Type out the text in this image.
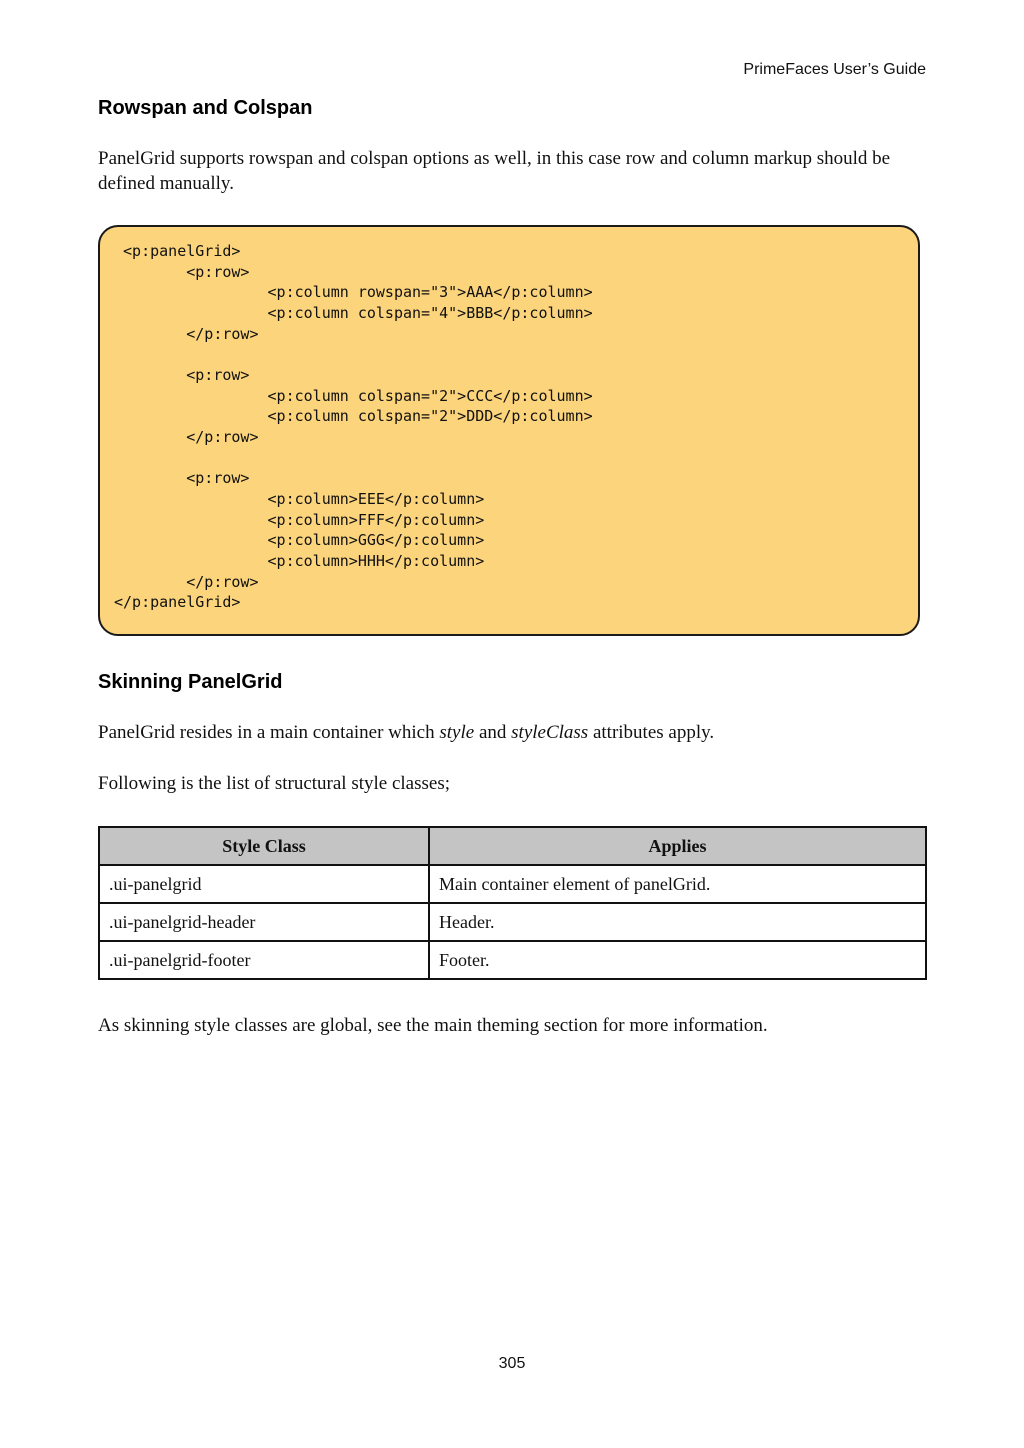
PrimeFaces User’s Guide
Rowspan and Colspan

PanelGrid supports rowspan and colspan options as well, in this case row and column markup should be defined manually.

<p:panelGrid>
<p:row>
<p:column rowspan="3">AAA</p:column>
<p:column colspan="4">BBB</p:column>
</p:row>

<p:row>
<p:column colspan="2">CCC</p:column>
<p:column colspan="2">DDD</p:column>
</p:row>

<p:row>
<p:column>EEE</p:column>
<p:column>FFF</p:column>
<p:column>GGG</p:column>
<p:column>HHH</p:column>
</p:row>
</p:panelGrid>
Skinning PanelGrid

PanelGrid resides in a main container which style and styleClass attributes apply.

Following is the list of structural style classes;

Style Class	Applies
.ui-panelgrid	Main container element of panelGrid.
.ui-panelgrid-header	Header.
.ui-panelgrid-footer	Footer.

As skinning style classes are global, see the main theming section for more information.

305
